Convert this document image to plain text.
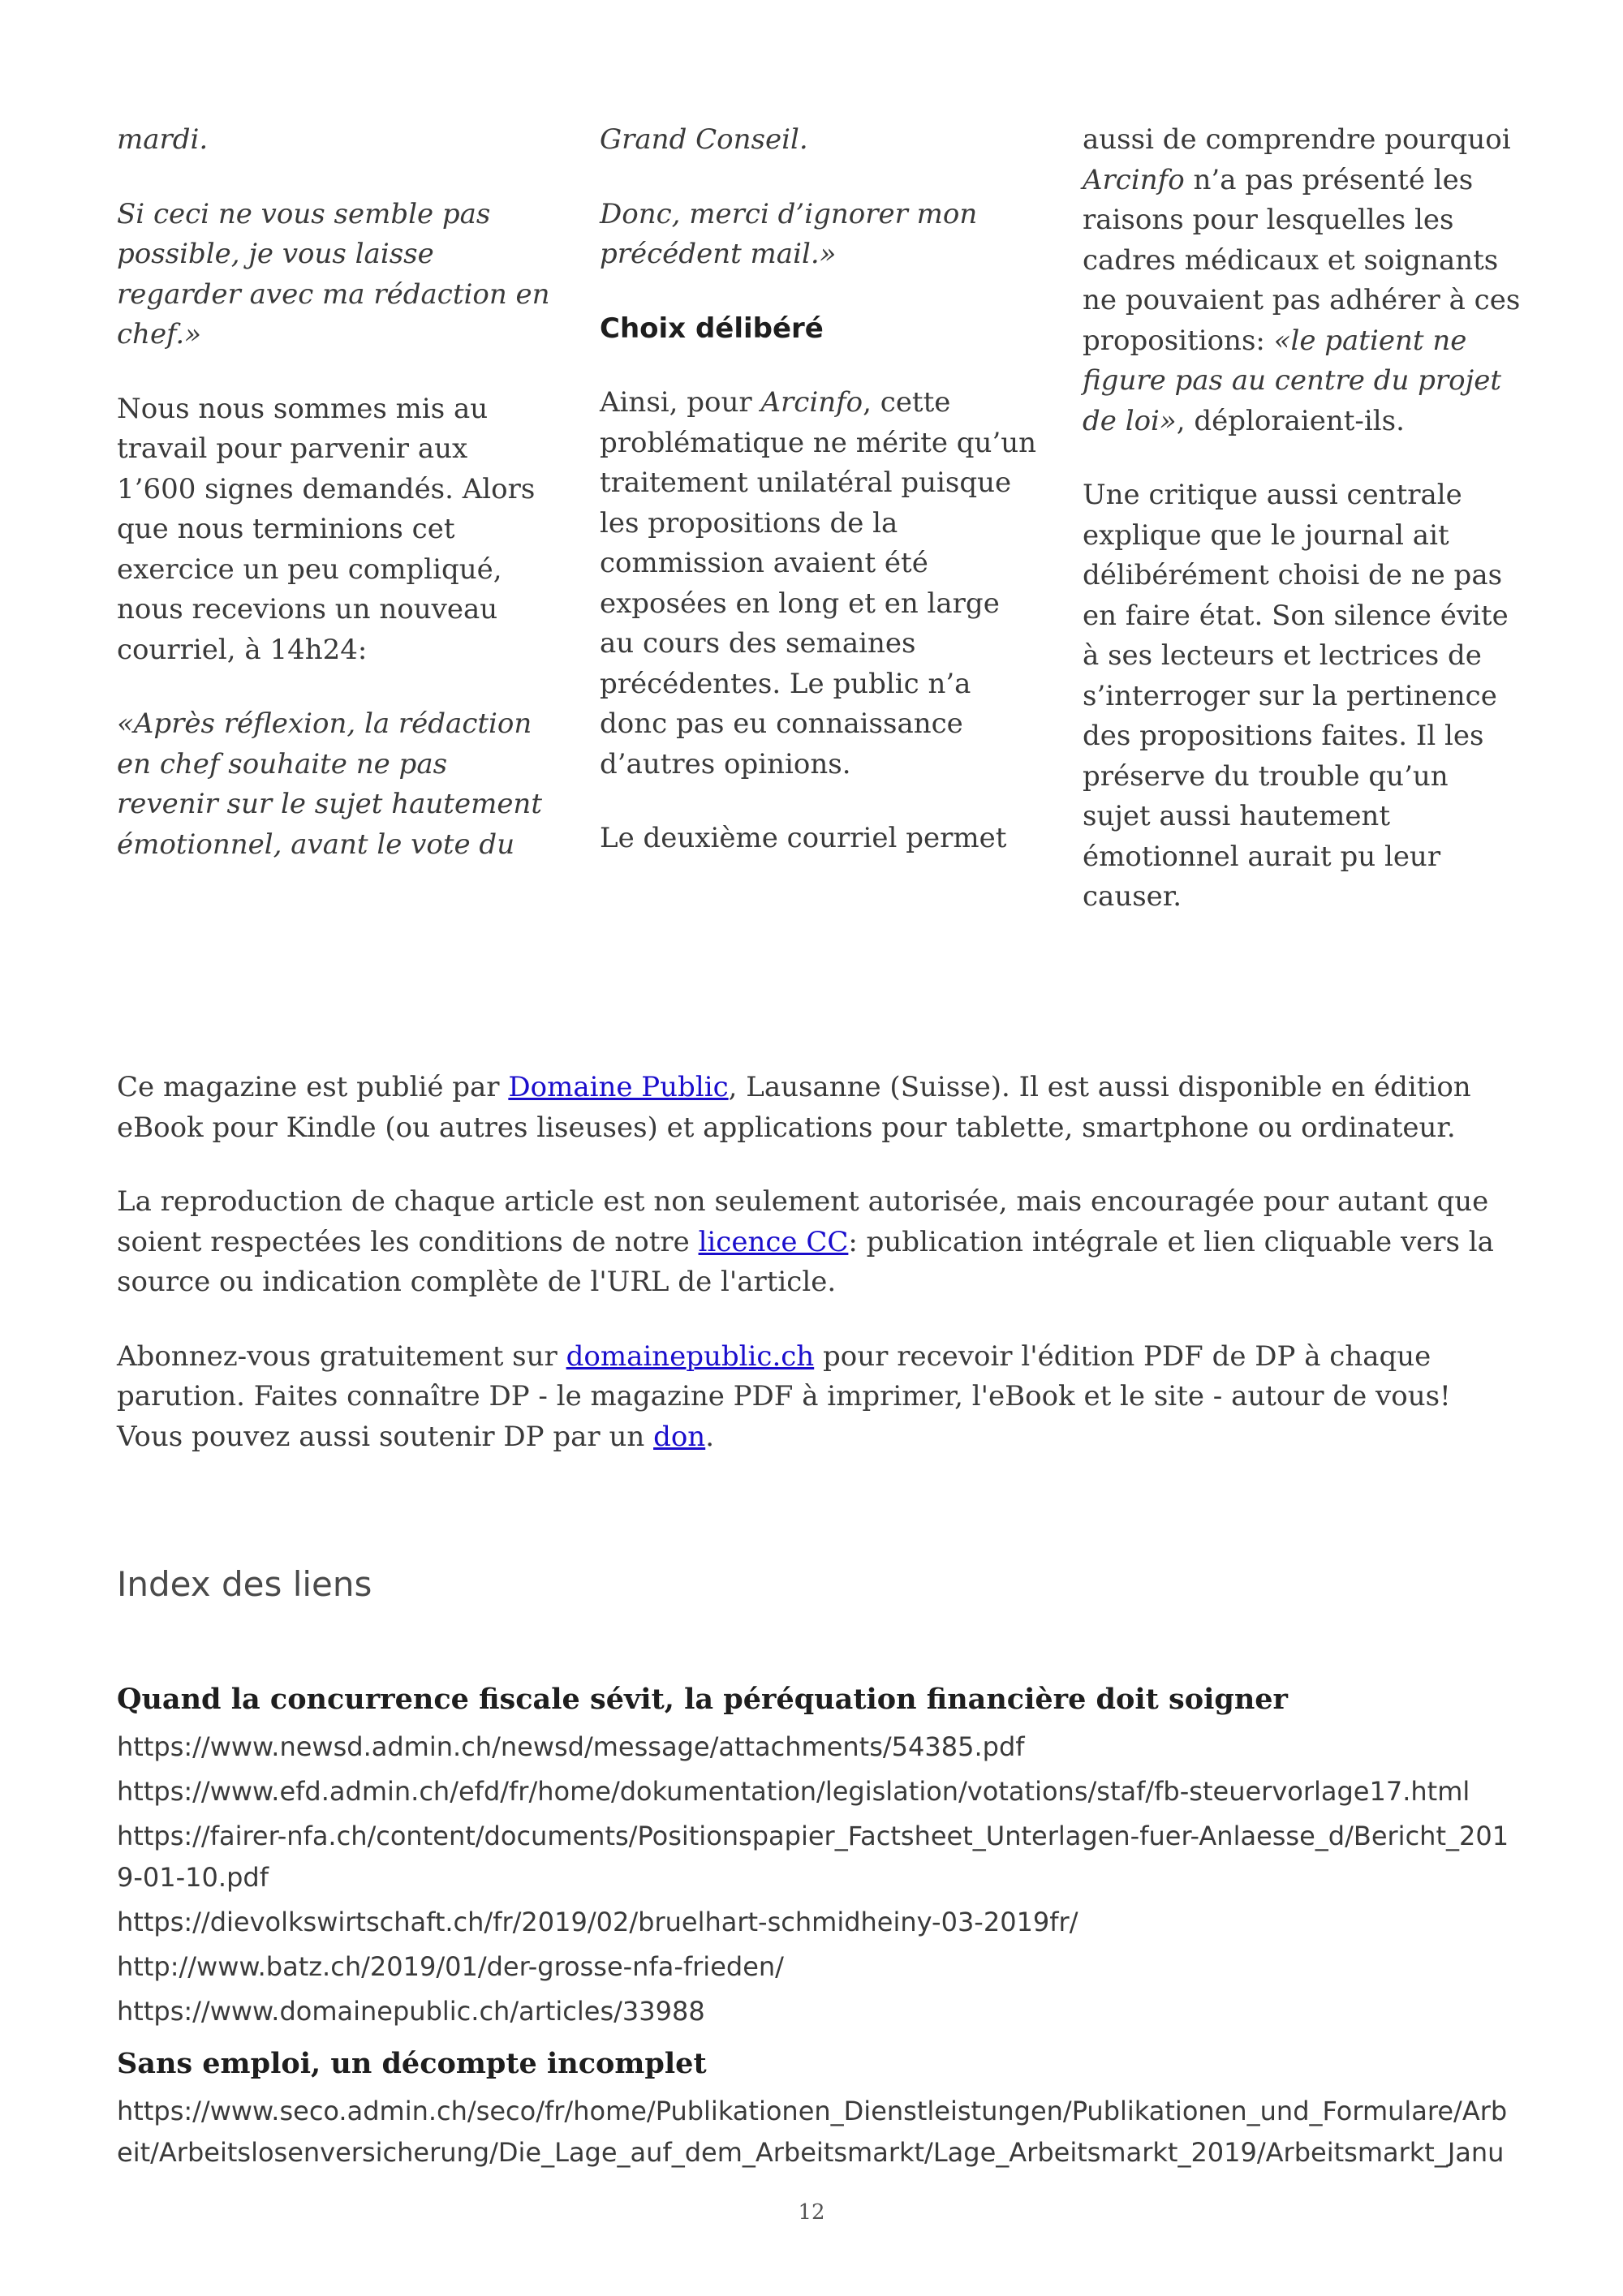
mardi.

Si ceci ne vous semble pas possible, je vous laisse regarder avec ma rédaction en chef.»

Nous nous sommes mis au travail pour parvenir aux 1’600 signes demandés. Alors que nous terminions cet exercice un peu compliqué, nous recevions un nouveau courriel, à 14h24:

«Après réflexion, la rédaction en chef souhaite ne pas revenir sur le sujet hautement émotionnel, avant le vote du

Grand Conseil.

Donc, merci d’ignorer mon précédent mail.»

Choix délibéré

Ainsi, pour Arcinfo, cette problématique ne mérite qu’un traitement unilatéral puisque les propositions de la commission avaient été exposées en long et en large au cours des semaines précédentes. Le public n’a donc pas eu connaissance d’autres opinions.

Le deuxième courriel permet

aussi de comprendre pourquoi Arcinfo n’a pas présenté les raisons pour lesquelles les cadres médicaux et soignants ne pouvaient pas adhérer à ces propositions: «le patient ne figure pas au centre du projet de loi», déploraient-ils.

Une critique aussi centrale explique que le journal ait délibérément choisi de ne pas en faire état. Son silence évite à ses lecteurs et lectrices de s’interroger sur la pertinence des propositions faites. Il les préserve du trouble qu’un sujet aussi hautement émotionnel aurait pu leur causer.

Ce magazine est publié par Domaine Public, Lausanne (Suisse). Il est aussi disponible en édition eBook pour Kindle (ou autres liseuses) et applications pour tablette, smartphone ou ordinateur.

La reproduction de chaque article est non seulement autorisée, mais encouragée pour autant que soient respectées les conditions de notre licence CC: publication intégrale et lien cliquable vers la source ou indication complète de l'URL de l'article.

Abonnez-vous gratuitement sur domainepublic.ch pour recevoir l'édition PDF de DP à chaque parution. Faites connaître DP - le magazine PDF à imprimer, l'eBook et le site - autour de vous! Vous pouvez aussi soutenir DP par un don.

Index des liens
Quand la concurrence fiscale sévit, la péréquation financière doit soigner
https://www.newsd.admin.ch/newsd/message/attachments/54385.pdf
https://www.efd.admin.ch/efd/fr/home/dokumentation/legislation/votations/staf/fb-steuervorlage17.html
https://fairer-nfa.ch/content/documents/Positionspapier_Factsheet_Unterlagen-fuer-Anlaesse_d/Bericht_2019-01-10.pdf
https://dievolkswirtschaft.ch/fr/2019/02/bruelhart-schmidheiny-03-2019fr/
http://www.batz.ch/2019/01/der-grosse-nfa-frieden/
https://www.domainepublic.ch/articles/33988
Sans emploi, un décompte incomplet
https://www.seco.admin.ch/seco/fr/home/Publikationen_Dienstleistungen/Publikationen_und_Formulare/Arbeit/Arbeitslosenversicherung/Die_Lage_auf_dem_Arbeitsmarkt/Lage_Arbeitsmarkt_2019/Arbeitsmarkt_Janu
12
